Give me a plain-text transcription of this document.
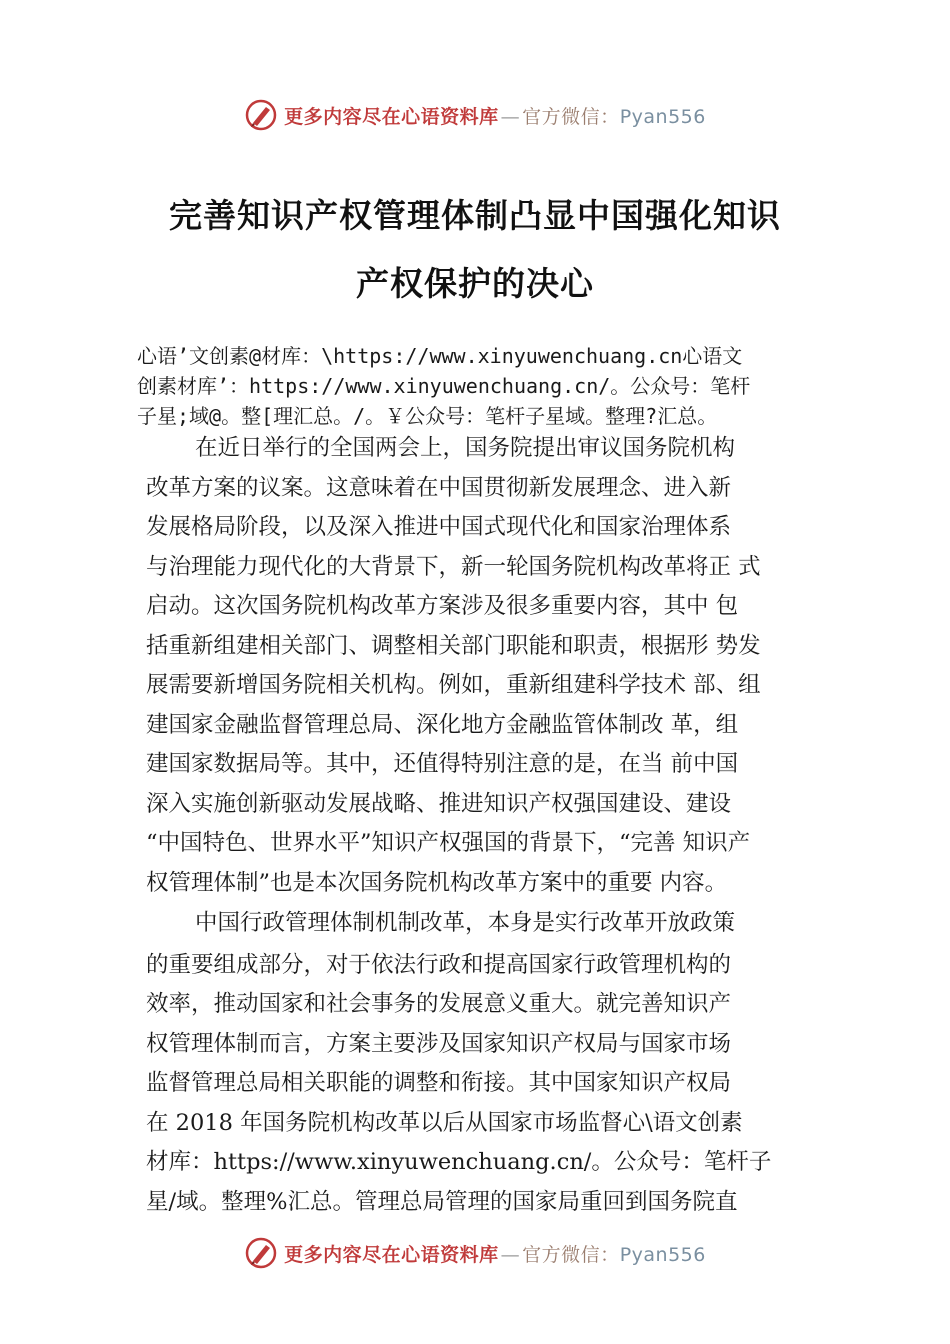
更多内容尽在心语资料库 — 官方微信：Pyan556
完善知识产权管理体制凸显中国强化知识
产权保护的决心
心语’文创素@材库：\https://www.xinyuwenchuang.cn心语文
创素材库’：https://www.xinyuwenchuang.cn/。公众号：笔杆
子星;域@。整[理汇总。/。￥公众号：笔杆子星域。整理?汇总。
在近日举行的全国两会上，国务院提出审议国务院机构
改革方案的议案。这意味着在中国贯彻新发展理念、进入新
发展格局阶段，以及深入推进中国式现代化和国家治理体系
与治理能力现代化的大背景下，新一轮国务院机构改革将正 式
启动。这次国务院机构改革方案涉及很多重要内容，其中 包
括重新组建相关部门、调整相关部门职能和职责，根据形 势发
展需要新增国务院相关机构。例如，重新组建科学技术 部、组
建国家金融监督管理总局、深化地方金融监管体制改 革，组
建国家数据局等。其中，还值得特别注意的是，在当 前中国
深入实施创新驱动发展战略、推进知识产权强国建设、建设
“中国特色、世界水平”知识产权强国的背景下，“完善 知识产
权管理体制”也是本次国务院机构改革方案中的重要 内容。
中国行政管理体制机制改革，本身是实行改革开放政策
的重要组成部分，对于依法行政和提高国家行政管理机构的
效率，推动国家和社会事务的发展意义重大。就完善知识产
权管理体制而言，方案主要涉及国家知识产权局与国家市场
监督管理总局相关职能的调整和衔接。其中国家知识产权局
在 2018 年国务院机构改革以后从国家市场监督心\语文创素
材库：https://www.xinyuwenchuang.cn/。公众号：笔杆子
星/域。整理%汇总。管理总局管理的国家局重回到国务院直
更多内容尽在心语资料库 — 官方微信：Pyan556
